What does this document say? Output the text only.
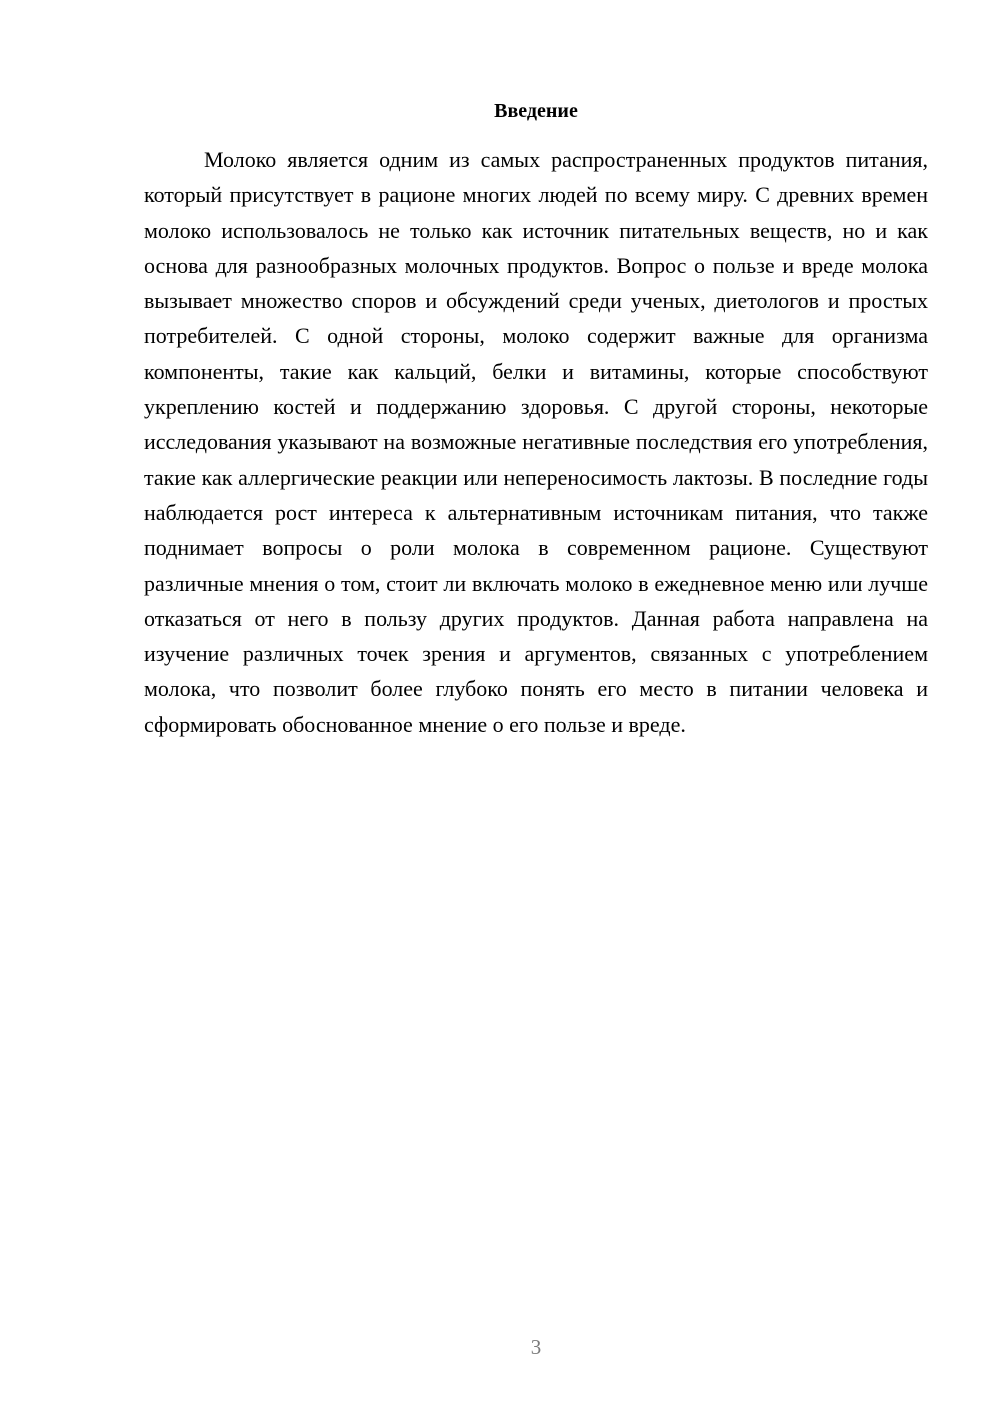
Введение

Молоко является одним из самых распространенных продуктов питания, который присутствует в рационе многих людей по всему миру. С древних времен молоко использовалось не только как источник питательных веществ, но и как основа для разнообразных молочных продуктов. Вопрос о пользе и вреде молока вызывает множество споров и обсуждений среди ученых, диетологов и простых потребителей. С одной стороны, молоко содержит важные для организма компоненты, такие как кальций, белки и витамины, которые способствуют укреплению костей и поддержанию здоровья. С другой стороны, некоторые исследования указывают на возможные негативные последствия его употребления, такие как аллергические реакции или непереносимость лактозы. В последние годы наблюдается рост интереса к альтернативным источникам питания, что также поднимает вопросы о роли молока в современном рационе. Существуют различные мнения о том, стоит ли включать молоко в ежедневное меню или лучше отказаться от него в пользу других продуктов. Данная работа направлена на изучение различных точек зрения и аргументов, связанных с употреблением молока, что позволит более глубоко понять его место в питании человека и сформировать обоснованное мнение о его пользе и вреде.

3
